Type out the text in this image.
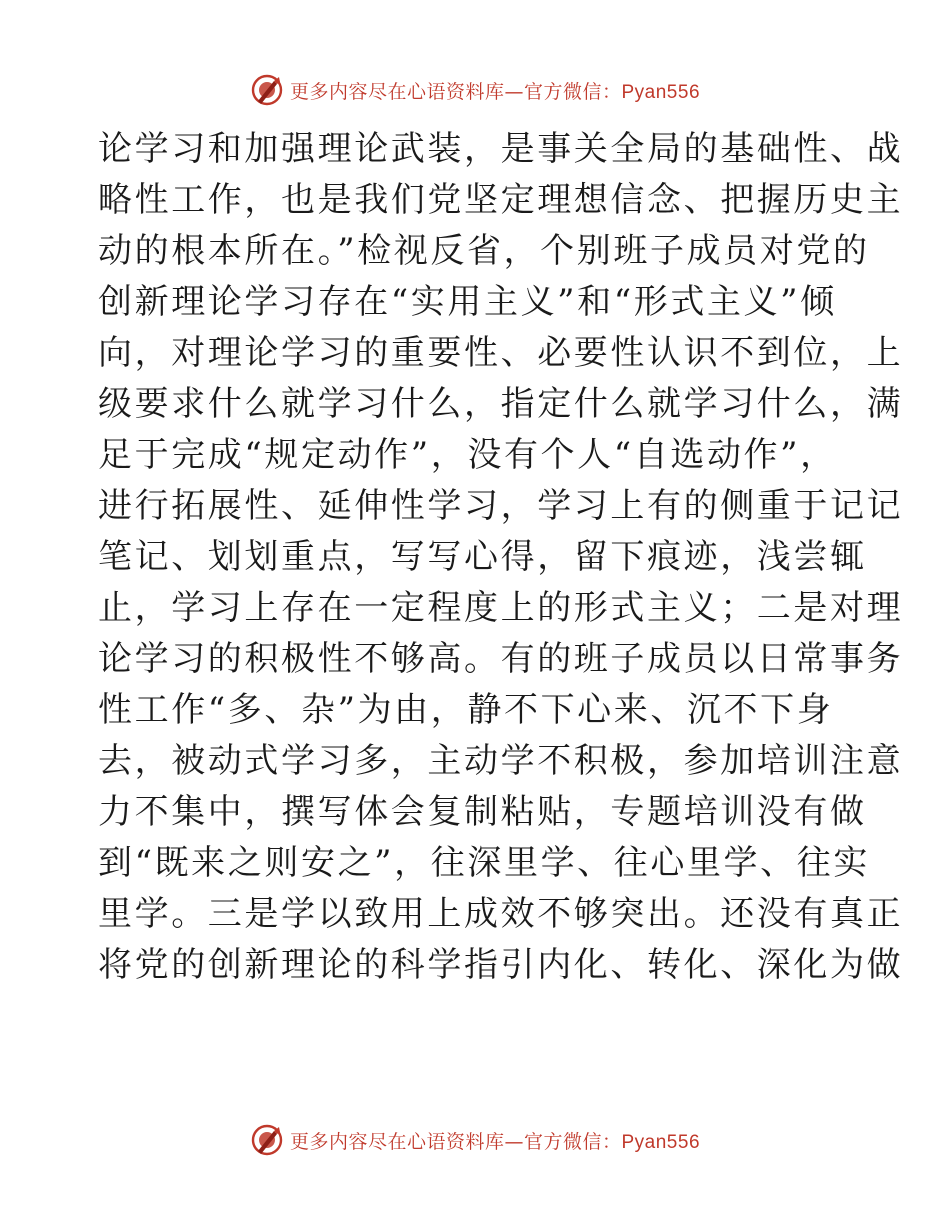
更多内容尽在心语资料库—官方微信：Pyan556
论学习和加强理论武装，是事关全局的基础性、战
略性工作，也是我们党坚定理想信念、把握历史主
动的根本所在。”检视反省，个别班子成员对党的
创新理论学习存在“实用主义”和“形式主义”倾
向，对理论学习的重要性、必要性认识不到位，上
级要求什么就学习什么，指定什么就学习什么，满
足于完成“规定动作”，没有个人“自选动作”，
进行拓展性、延伸性学习，学习上有的侧重于记记
笔记、划划重点，写写心得，留下痕迹，浅尝辄
止，学习上存在一定程度上的形式主义；二是对理
论学习的积极性不够高。有的班子成员以日常事务
性工作“多、杂”为由，静不下心来、沉不下身
去，被动式学习多，主动学不积极，参加培训注意
力不集中，撰写体会复制粘贴，专题培训没有做
到“既来之则安之”，往深里学、往心里学、往实
里学。三是学以致用上成效不够突出。还没有真正
将党的创新理论的科学指引内化、转化、深化为做
更多内容尽在心语资料库—官方微信：Pyan556
